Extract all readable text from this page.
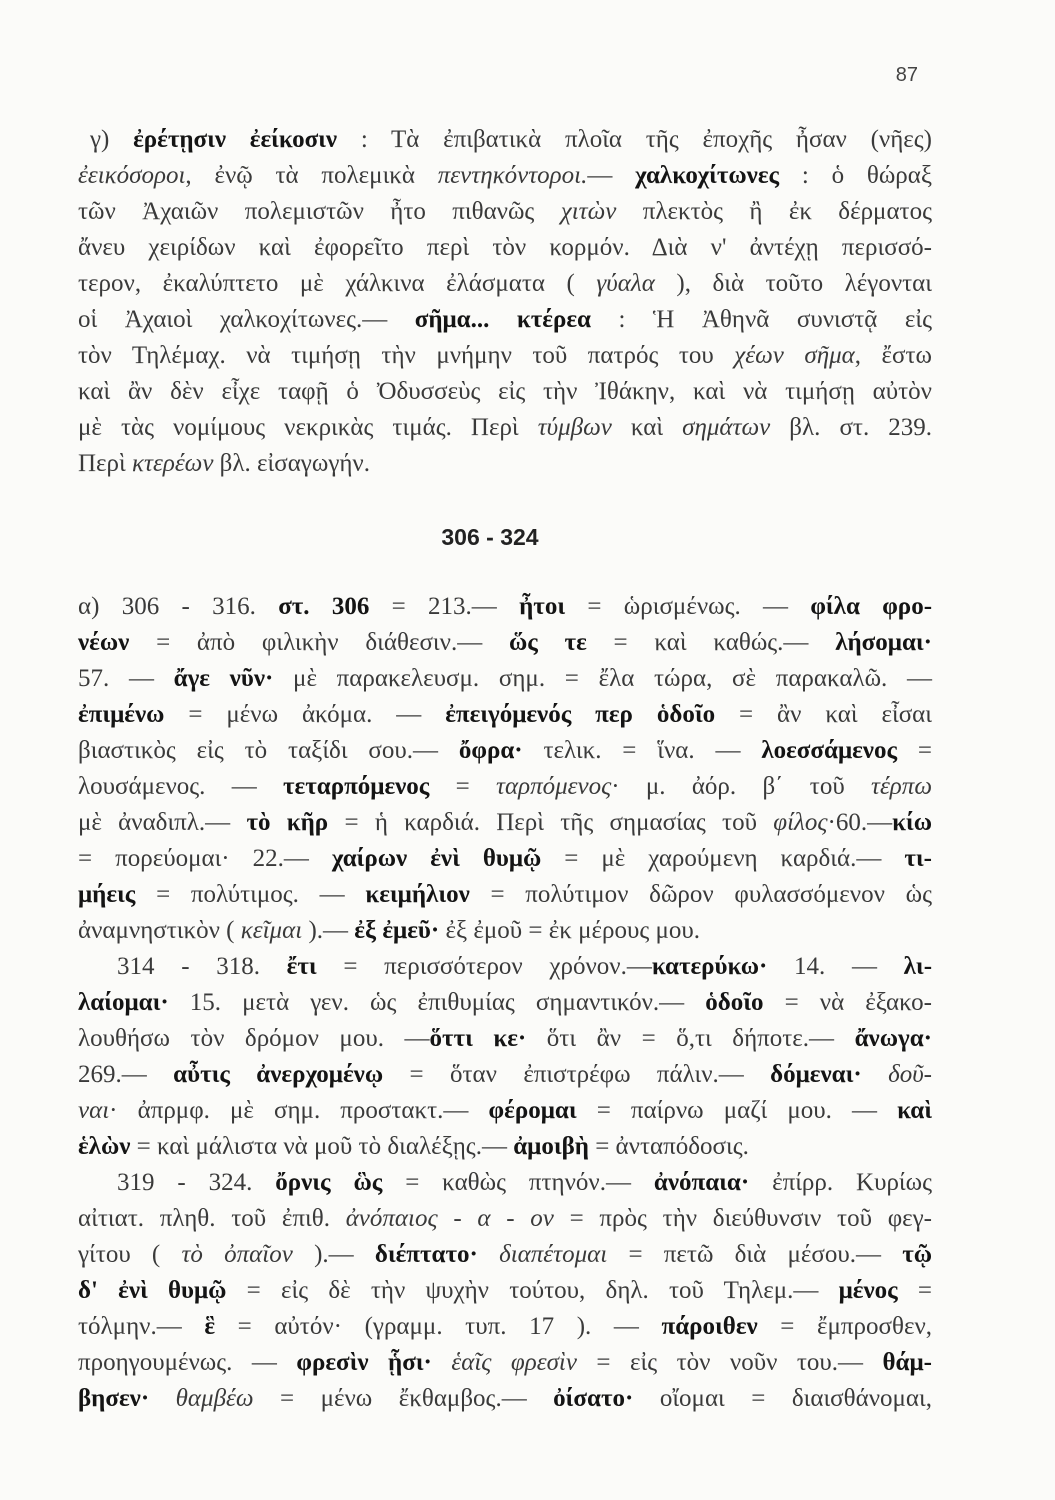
87
γ) ἐρέτῃσιν ἐείκοσιν : Τὰ ἐπιβατικὰ πλοῖα τῆς ἐποχῆς ἦσαν (νῆες)
ἐεικόσοροι, ἐνῷ τὰ πολεμικὰ πεντηκόντοροι.— χαλκοχίτωνες : ὁ θώραξ
τῶν Ἀχαιῶν πολεμιστῶν ἦτο πιθανῶς χιτὼν πλεκτὸς ἢ ἐκ δέρματος
ἄνευ χειρίδων καὶ ἐφορεῖτο περὶ τὸν κορμόν. Διὰ ν' ἀντέχῃ περισσό-
τερον, ἐκαλύπτετο μὲ χάλκινα ἐλάσματα ( γύαλα ), διὰ τοῦτο λέγονται
οἱ Ἀχαιοὶ χαλκοχίτωνες.— σῆμα... κτέρεα : Ἡ Ἀθηνᾶ συνιστᾷ εἰς
τὸν Τηλέμαχ. νὰ τιμήσῃ τὴν μνήμην τοῦ πατρός του χέων σῆμα, ἔστω
καὶ ἂν δὲν εἶχε ταφῇ ὁ Ὀδυσσεὺς εἰς τὴν Ἰθάκην, καὶ νὰ τιμήσῃ αὐτὸν
μὲ τὰς νομίμους νεκρικὰς τιμάς. Περὶ τύμβων καὶ σημάτων βλ. στ. 239.
Περὶ κτερέων βλ. εἰσαγωγήν.
306 - 324
α) 306 - 316. στ. 306 = 213.— ἦτοι = ὡρισμένως. — φίλα φρο-
νέων = ἀπὸ φιλικὴν διάθεσιν.— ὥς τε = καὶ καθώς.— λήσομαι·
57. — ἄγε νῦν· μὲ παρακελευσμ. σημ. = ἔλα τώρα, σὲ παρακαλῶ. —
ἐπιμένω = μένω ἀκόμα. — ἐπειγόμενός περ ὁδοῖο = ἂν καὶ εἶσαι
βιαστικὸς εἰς τὸ ταξίδι σου.— ὄφρα· τελικ. = ἵνα. — λοεσσάμενος =
λουσάμενος. — τεταρπόμενος = ταρπόμενος· μ. ἀόρ. β΄ τοῦ τέρπω
μὲ ἀναδιπλ.— τὸ κῆρ = ἡ καρδιά. Περὶ τῆς σημασίας τοῦ φίλος·60.—κίω
= πορεύομαι· 22.— χαίρων ἐνὶ θυμῷ = μὲ χαρούμενη καρδιά.— τι-
μήεις = πολύτιμος. — κειμήλιον = πολύτιμον δῶρον φυλασσόμενον ὡς
ἀναμνηστικὸν ( κεῖμαι ).— ἐξ ἐμεῦ· ἐξ ἐμοῦ = ἐκ μέρους μου.
314 - 318. ἔτι = περισσότερον χρόνον.—κατερύκω· 14. — λι-
λαίομαι· 15. μετὰ γεν. ὡς ἐπιθυμίας σημαντικόν.— ὁδοῖο = νὰ ἐξακο-
λουθήσω τὸν δρόμον μου. —ὅττι κε· ὅτι ἂν = ὅ,τι δήποτε.— ἄνωγα·
269.— αὖτις ἀνερχομένῳ = ὅταν ἐπιστρέφω πάλιν.— δόμεναι· δοῦ-
ναι· ἀπρμφ. μὲ σημ. προστακτ.— φέρομαι = παίρνω μαζί μου. — καὶ
ἑλὼν = καὶ μάλιστα νὰ μοῦ τὸ διαλέξῃς.— ἀμοιβὴ = ἀνταπόδοσις.
319 - 324. ὄρνις ὣς = καθὼς πτηνόν.— ἀνόπαια· ἐπίρρ. Κυρίως
αἰτιατ. πληθ. τοῦ ἐπιθ. ἀνόπαιος - α - ον = πρὸς τὴν διεύθυνσιν τοῦ φεγ-
γίτου ( τὸ ὀπαῖον ).— διέπτατο· διαπέτομαι = πετῶ διὰ μέσου.— τῷ
δ' ἐνὶ θυμῷ = εἰς δὲ τὴν ψυχὴν τούτου, δηλ. τοῦ Τηλεμ.— μένος =
τόλμην.— ἓ = αὐτόν· (γραμμ. τυπ. 17 ). — πάροιθεν = ἔμπροσθεν,
προηγουμένως. — φρεσὶν ᾗσι· ἑαῖς φρεσὶν = εἰς τὸν νοῦν του.— θάμ-
βησεν· θαμβέω = μένω ἔκθαμβος.— ὀίσατο· οἴομαι = διαισθάνομαι,
